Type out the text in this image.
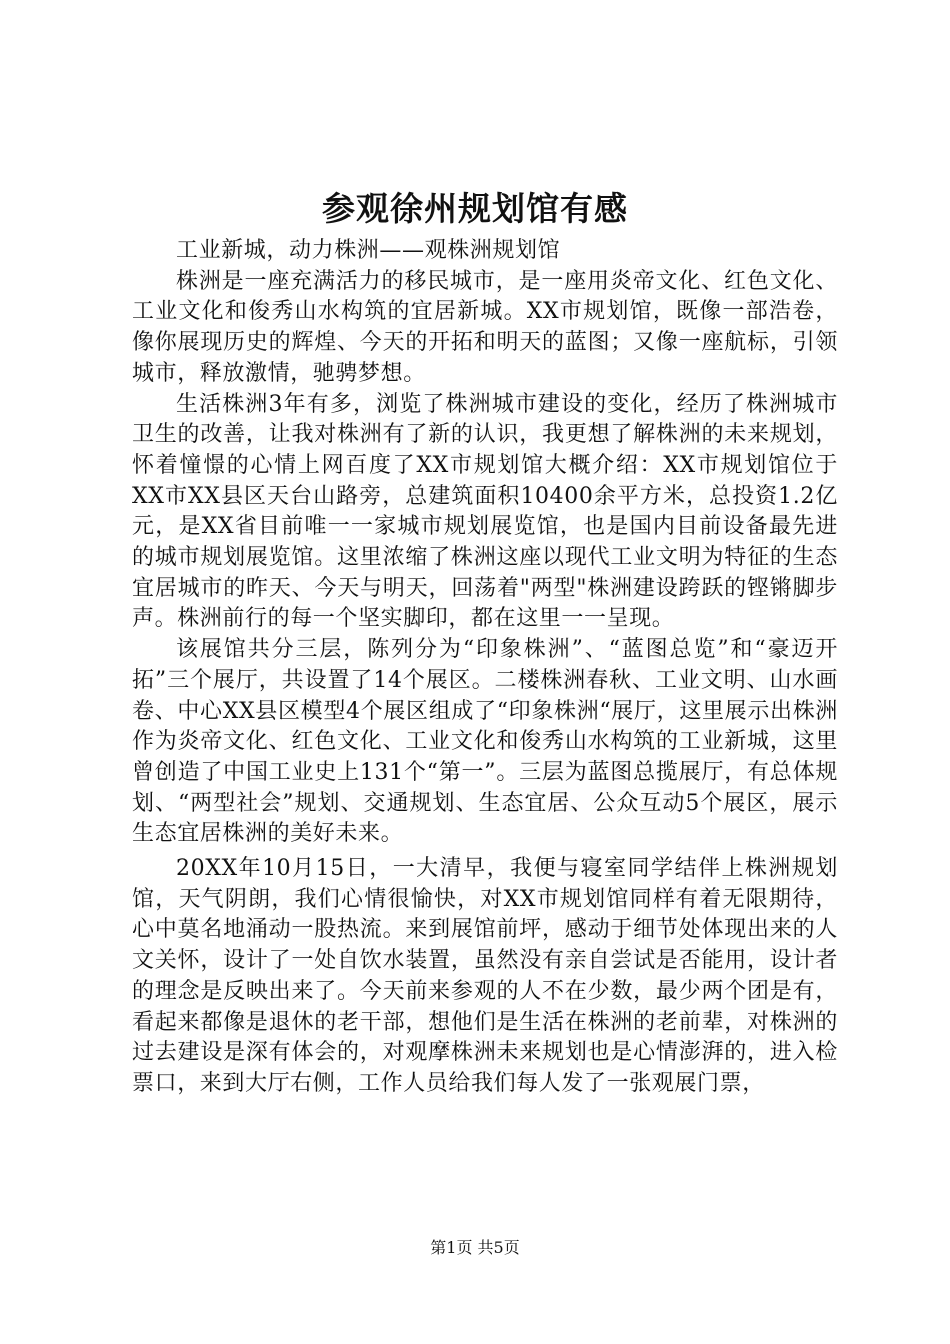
参观徐州规划馆有感

工业新城，动力株洲——观株洲规划馆

株洲是一座充满活力的移民城市，是一座用炎帝文化、红色文化、工业文化和俊秀山水构筑的宜居新城。XX市规划馆，既像一部浩卷，像你展现历史的辉煌、今天的开拓和明天的蓝图；又像一座航标，引领城市，释放激情，驰骋梦想。

生活株洲3年有多，浏览了株洲城市建设的变化，经历了株洲城市卫生的改善，让我对株洲有了新的认识，我更想了解株洲的未来规划，怀着憧憬的心情上网百度了XX市规划馆大概介绍：XX市规划馆位于XX市XX县区天台山路旁，总建筑面积10400余平方米，总投资1.2亿元，是XX省目前唯一一家城市规划展览馆，也是国内目前设备最先进的城市规划展览馆。这里浓缩了株洲这座以现代工业文明为特征的生态宜居城市的昨天、今天与明天，回荡着"两型"株洲建设跨跃的铿锵脚步声。株洲前行的每一个坚实脚印，都在这里一一呈现。

该展馆共分三层，陈列分为“印象株洲”、“蓝图总览”和“豪迈开拓”三个展厅，共设置了14个展区。二楼株洲春秋、工业文明、山水画卷、中心XX县区模型4个展区组成了“印象株洲“展厅，这里展示出株洲作为炎帝文化、红色文化、工业文化和俊秀山水构筑的工业新城，这里曾创造了中国工业史上131个“第一”。三层为蓝图总揽展厅，有总体规划、“两型社会”规划、交通规划、生态宜居、公众互动5个展区，展示生态宜居株洲的美好未来。

20XX年10月15日，一大清早，我便与寝室同学结伴上株洲规划馆，天气阴朗，我们心情很愉快，对XX市规划馆同样有着无限期待，心中莫名地涌动一股热流。来到展馆前坪，感动于细节处体现出来的人文关怀，设计了一处自饮水装置，虽然没有亲自尝试是否能用，设计者的理念是反映出来了。今天前来参观的人不在少数，最少两个团是有，看起来都像是退休的老干部，想他们是生活在株洲的老前辈，对株洲的过去建设是深有体会的，对观摩株洲未来规划也是心情澎湃的，进入检票口，来到大厅右侧，工作人员给我们每人发了一张观展门票，

第1页 共5页
